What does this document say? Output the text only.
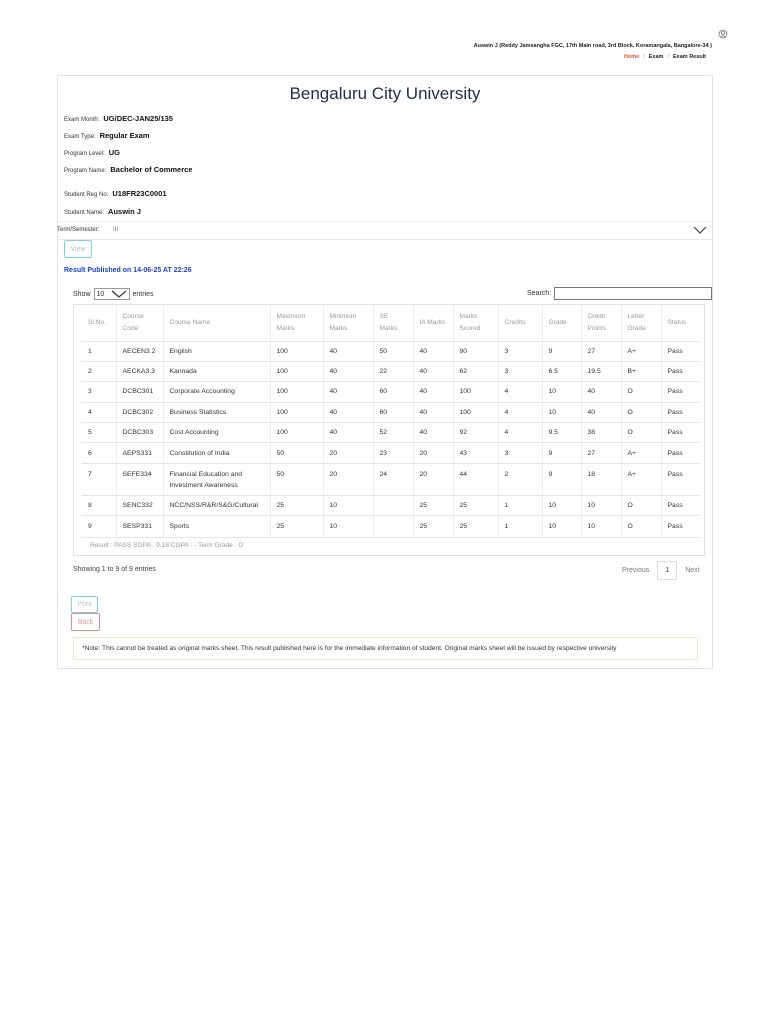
Auswin J (Reddy Jamsangha FGC, 17th Main road, 3rd Block, Koramangala, Bangalore-34 )
Home / Exam / Exam Result
Bengaluru City University
Exam Month: UG/DEC-JAN25/135
Exam Type: Regular Exam
Program Level: UG
Program Name: Bachelor of Commerce
Student Reg No: U18FR23C0001
Student Name: Auswin J
Term/Semester: III
View
Result Published on 14-06-25 AT 22:26
Show 10	entries	Search:
Sl.No.	Course Code	Course Name	Maximum Marks	Minimum Marks	SE Marks	IA Marks	Marks Scored	Credits	Grade	Credit Points	Letter Grade	Status
1	AECEN3.2	English	100	40	50	40	90	3	9	27	A+	Pass
2	AECKA3.3	Kannada	100	40	22	40	62	3	6.5	19.5	B+	Pass
3	DCBC301	Corporate Accounting	100	40	60	40	100	4	10	40	O	Pass
4	DCBC302	Business Statistics	100	40	60	40	100	4	10	40	O	Pass
5	DCBC303	Cost Accounting	100	40	52	40	92	4	9.5	38	O	Pass
6	AEPS331	Constitution of India	50	20	23	20	43	3	9	27	A+	Pass
7	SEFE334	Financial Education and Investment Awareness	50	20	24	20	44	2	9	18	A+	Pass
8	SENC332	NCC/NSS/R&R/S&G/Cultural	25	10		25	25	1	10	10	O	Pass
9	SESP331	Sports	25	10		25	25	1	10	10	O	Pass
Result : PASS SGPA : 9.18 CGPA : - Term Grade : O
Showing 1 to 9 of 9 entries	Previous	1	Next
Print
Back
*Note: This cannot be treated as original marks sheet. This result published here is for the immediate information of student. Original marks sheet will be issued by respective university
